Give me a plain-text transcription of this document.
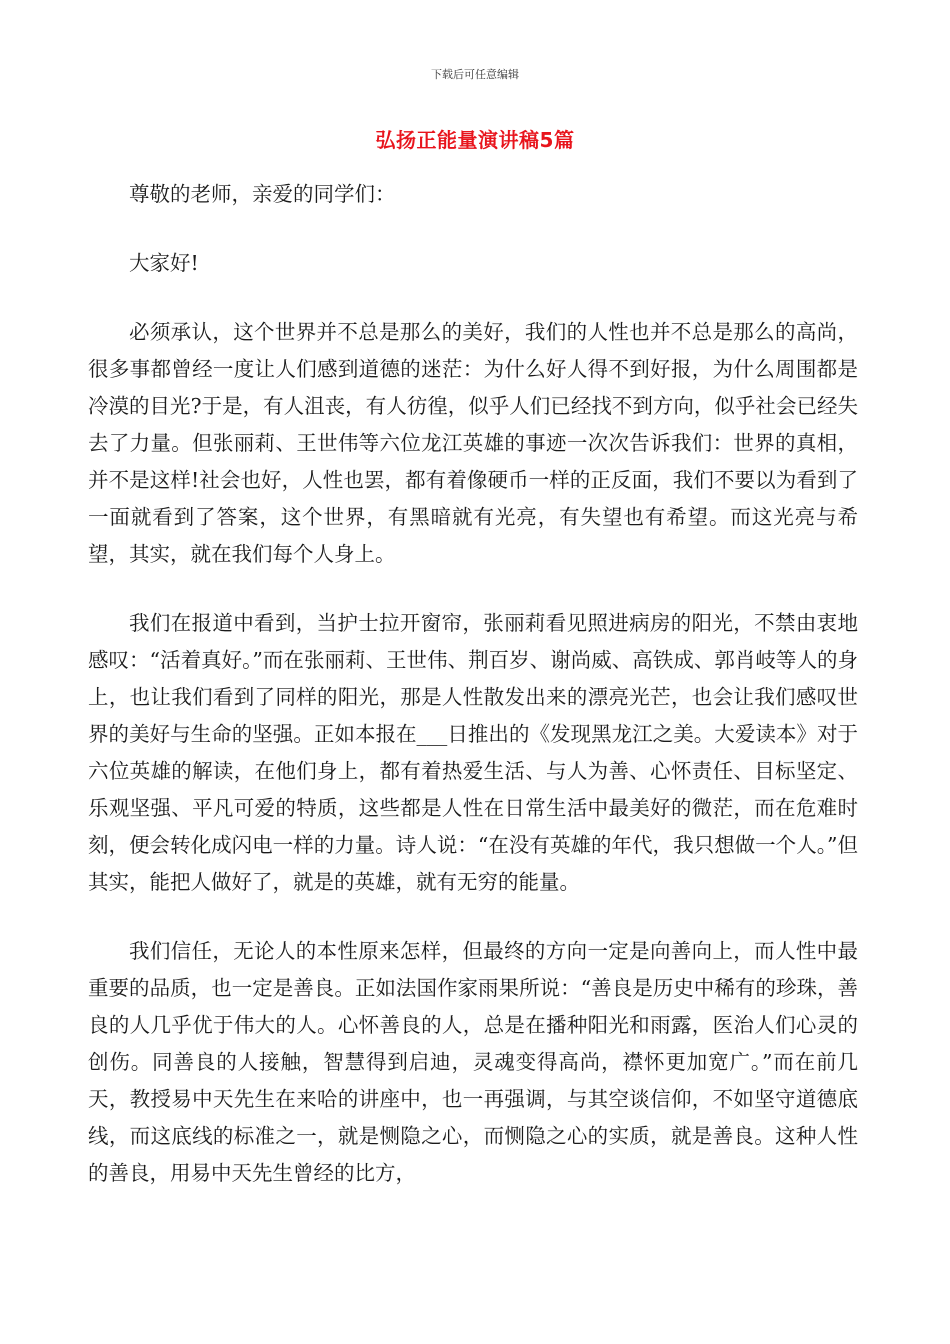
下载后可任意编辑
弘扬正能量演讲稿5篇

尊敬的老师，亲爱的同学们：

大家好!

必须承认，这个世界并不总是那么的美好，我们的人性也并不总是那么的高尚，很多事都曾经一度让人们感到道德的迷茫：为什么好人得不到好报，为什么周围都是冷漠的目光?于是，有人沮丧，有人彷徨，似乎人们已经找不到方向，似乎社会已经失去了力量。但张丽莉、王世伟等六位龙江英雄的事迹一次次告诉我们：世界的真相，并不是这样!社会也好，人性也罢，都有着像硬币一样的正反面，我们不要以为看到了一面就看到了答案，这个世界，有黑暗就有光亮，有失望也有希望。而这光亮与希望，其实，就在我们每个人身上。

我们在报道中看到，当护士拉开窗帘，张丽莉看见照进病房的阳光，不禁由衷地感叹：“活着真好。”而在张丽莉、王世伟、荆百岁、谢尚威、高铁成、郭肖岐等人的身上，也让我们看到了同样的阳光，那是人性散发出来的漂亮光芒，也会让我们感叹世界的美好与生命的坚强。正如本报在___日推出的《发现黑龙江之美。大爱读本》对于六位英雄的解读，在他们身上，都有着热爱生活、与人为善、心怀责任、目标坚定、乐观坚强、平凡可爱的特质，这些都是人性在日常生活中最美好的微茫，而在危难时刻，便会转化成闪电一样的力量。诗人说：“在没有英雄的年代，我只想做一个人。”但其实，能把人做好了，就是的英雄，就有无穷的能量。

我们信任，无论人的本性原来怎样，但最终的方向一定是向善向上，而人性中最重要的品质，也一定是善良。正如法国作家雨果所说：“善良是历史中稀有的珍珠，善良的人几乎优于伟大的人。心怀善良的人，总是在播种阳光和雨露，医治人们心灵的创伤。同善良的人接触，智慧得到启迪，灵魂变得高尚，襟怀更加宽广。”而在前几天，教授易中天先生在来哈的讲座中，也一再强调，与其空谈信仰，不如坚守道德底线，而这底线的标准之一，就是恻隐之心，而恻隐之心的实质，就是善良。这种人性的善良，用易中天先生曾经的比方，
